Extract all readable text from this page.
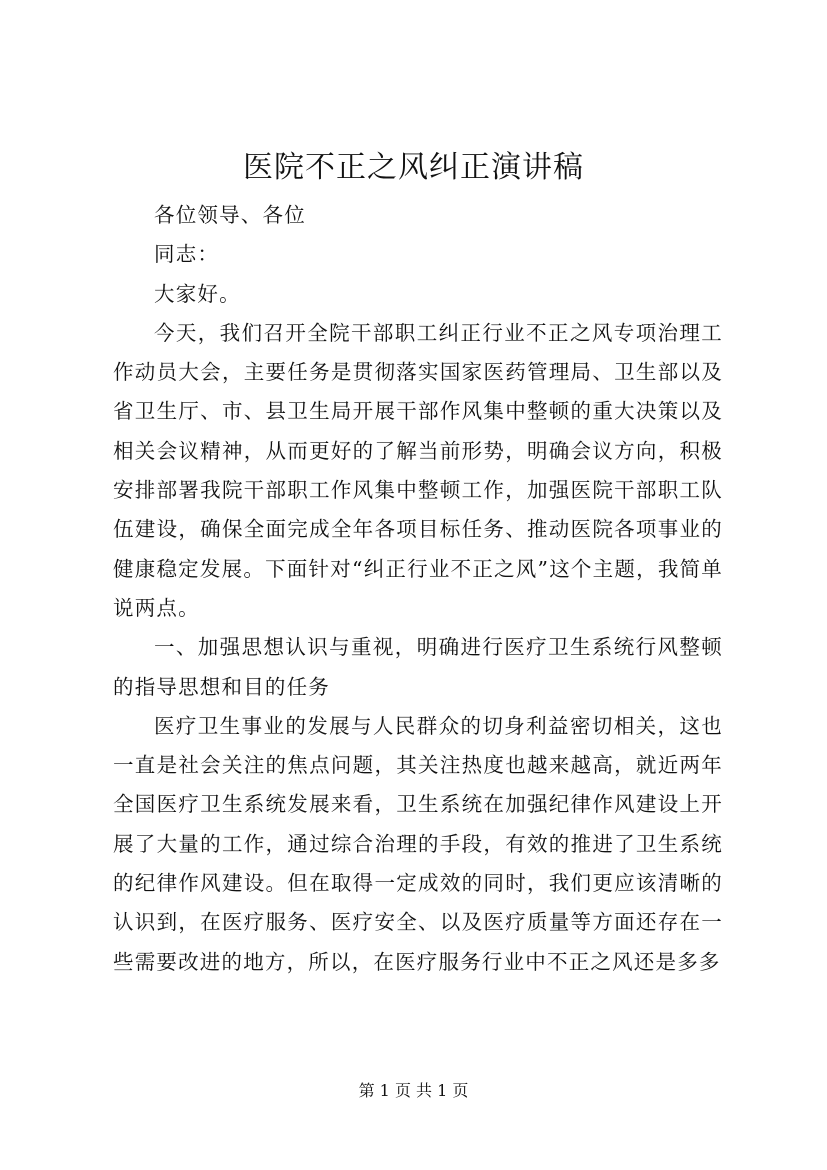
医院不正之风纠正演讲稿

各位领导、各位

同志：

大家好。

今天，我们召开全院干部职工纠正行业不正之风专项治理工作动员大会，主要任务是贯彻落实国家医药管理局、卫生部以及省卫生厅、市、县卫生局开展干部作风集中整顿的重大决策以及相关会议精神，从而更好的了解当前形势，明确会议方向，积极安排部署我院干部职工作风集中整顿工作，加强医院干部职工队伍建设，确保全面完成全年各项目标任务、推动医院各项事业的健康稳定发展。下面针对“纠正行业不正之风”这个主题，我简单说两点。

一、加强思想认识与重视，明确进行医疗卫生系统行风整顿的指导思想和目的任务

医疗卫生事业的发展与人民群众的切身利益密切相关，这也一直是社会关注的焦点问题，其关注热度也越来越高，就近两年全国医疗卫生系统发展来看，卫生系统在加强纪律作风建设上开展了大量的工作，通过综合治理的手段，有效的推进了卫生系统的纪律作风建设。但在取得一定成效的同时，我们更应该清晰的认识到，在医疗服务、医疗安全、以及医疗质量等方面还存在一些需要改进的地方，所以，在医疗服务行业中不正之风还是多多

第 1 页 共 1 页
